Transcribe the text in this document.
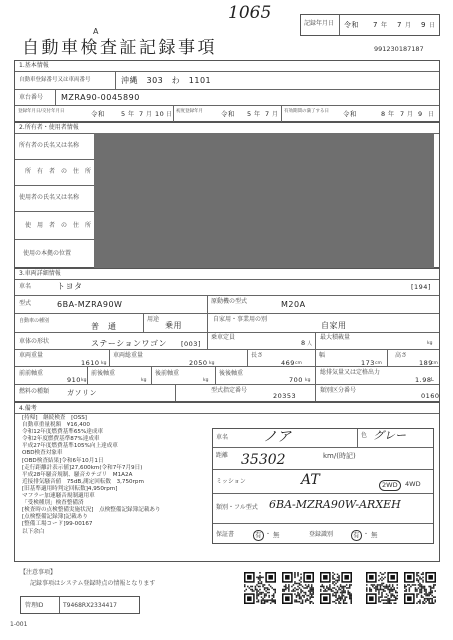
1065
A
記録年月日 令和 7 年 7 月 9 日
自動車検査証記録事項	991230187187
1.基本情報
自動車登録番号又は車両番号	沖縄　303　わ　1101
車台番号 MZRA90-0045890
登録年月日/交付年月日	令和 5 年 7 月 10 日 初度登録年月	令和 5 年 7 月 有効期間の満了する日 令和	8 年 7 月 9 日
2.所有者・使用者情報
所有者の氏名又は名称
所　有　者　の　住　所
使用者の氏名又は名称
使　用　者　の　住　所
使用の本拠の位置
3.車両詳細情報
車名	トヨタ	[194]
型式	6BA-MZRA90W	原動機の型式	M20A
自動車の種別
普　通
用途
乗用
自家用・事業用の別
自家用
車体の形状	ステーションワゴン [003]
乗車定員
8 人
最大積載量
kg
車両重量
1610 kg
車両総重量
2050 kg
長さ
469 cm
幅
173 cm
高さ
189
cm
前前軸重
910 kg
前後軸重
kg
後前軸重
kg
後後軸重
700 kg
総排気量又は定格出力
1.98 L
燃料の種類	ガソリン	型式指定番号
20353
類別区分番号
0160
4.備考
[持帰]　継続検査　[OSS]
自動車重量税額　¥16,400
令和12年度燃費基準65%達成車
令和2年度燃費基準87%達成車
平成27年度燃費基準105%向上達成車
OBD検査対象車
[OBD検査結果]令和6年10月1日
[走行距離計表示値]27,600km(令和7年7月9日)
平成28年騒音規制、騒音カテゴリ　M1A2A
近接排気騒音値　75dB,測定回転数　3,750rpm
[旧基準適用時判定回転数]4,950rpm]
マフラー加速騒音規制適用車
「受検種別」検査整備済
[検査時の点検整備実施状況]　点検整備記録簿記載あり
[点検整備記録簿]記載あり
[整備工場コード]99-00167
以下余白
車名 ノア	色 グレー
距離 35302	km/(時記)
ミッション	AT	2WD	4WD
類別・フル型式 6BA-MZRA90W-ARXEH
保証書	有 ・ 無	登録識別	有 ・ 無
【注意事項】
記録事項はシステム登録時点の情報となります
管理ID	T9468RX2334417
1-001
